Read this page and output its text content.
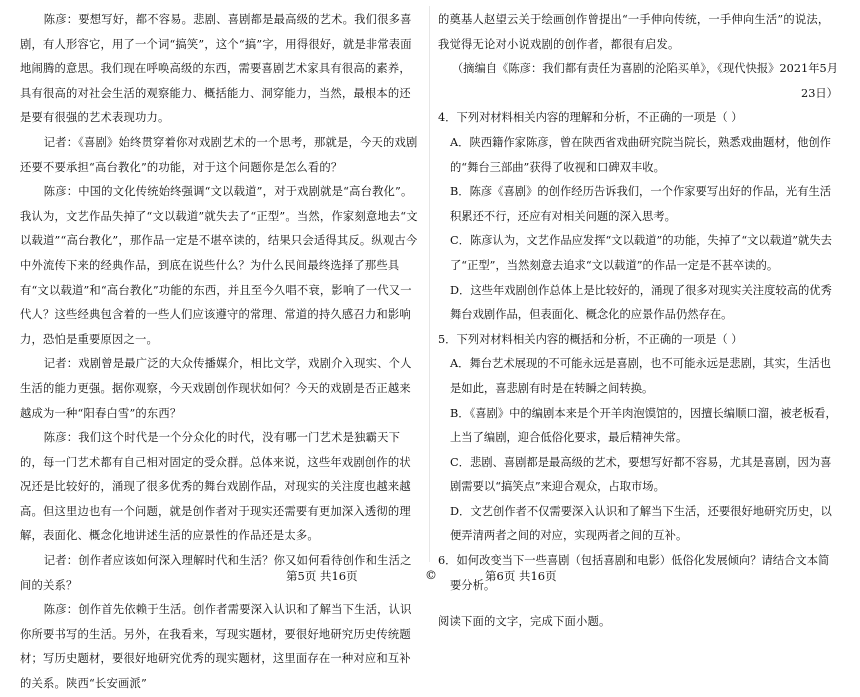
陈彦：要想写好，都不容易。悲剧、喜剧都是最高级的艺术。我们很多喜剧，有人形容它，用了一个词“搞笑”，这个“搞”字，用得很好，就是非常表面地闹腾的意思。我们现在呼唤高级的东西，需要喜剧艺术家具有很高的素养，具有很高的对社会生活的观察能力、概括能力、洞穿能力，当然，最根本的还是要有很强的艺术表现功力。

记者：《喜剧》始终贯穿着你对戏剧艺术的一个思考，那就是，今天的戏剧还要不要承担“高台教化”的功能，对于这个问题你是怎么看的？

陈彦：中国的文化传统始终强调“文以载道”，对于戏剧就是“高台教化”。我认为，文艺作品失掉了“文以载道”就失去了“正型”。当然，作家刻意地去“文以载道”“高台教化”，那作品一定是不堪卒读的，结果只会适得其反。纵观古今中外流传下来的经典作品，到底在说些什么？为什么民间最终选择了那些具有“文以载道”和“高台教化”功能的东西，并且至今久唱不衰，影响了一代又一代人？这些经典包含着的一些人们应该遵守的常理、常道的持久感召力和影响力，恐怕是重要原因之一。

记者：戏剧曾是最广泛的大众传播媒介，相比文学，戏剧介入现实、个人生活的能力更强。据你观察，今天戏剧创作现状如何？今天的戏剧是否正越来越成为一种“阳春白雪”的东西？

陈彦：我们这个时代是一个分众化的时代，没有哪一门艺术是独霸天下的，每一门艺术都有自己相对固定的受众群。总体来说，这些年戏剧创作的状况还是比较好的，涌现了很多优秀的舞台戏剧作品，对现实的关注度也越来越高。但这里边也有一个问题，就是创作者对于现实还需要有更加深入透彻的理解，表面化、概念化地讲述生活的应景性的作品还是太多。

记者：创作者应该如何深入理解时代和生活？你又如何看待创作和生活之间的关系？

陈彦：创作首先依赖于生活。创作者需要深入认识和了解当下生活，认识你所要书写的生活。另外，在我看来，写现实题材，要很好地研究历史传统题材；写历史题材，要很好地研究优秀的现实题材，这里面存在一种对应和互补的关系。陕西“长安画派”

的奠基人赵望云关于绘画创作曾提出“一手伸向传统，一手伸向生活”的说法，我觉得无论对小说戏剧的创作者，都很有启发。

（摘编自《陈彦：我们都有责任为喜剧的沦陷买单》，《现代快报》2021年5月23日）

4．下列对材料相关内容的理解和分析，不正确的一项是（ ）

A．陕西籍作家陈彦，曾在陕西省戏曲研究院当院长，熟悉戏曲题材，他创作的“舞台三部曲”获得了收视和口碑双丰收。

B．陈彦《喜剧》的创作经历告诉我们，一个作家要写出好的作品，光有生活积累还不行，还应有对相关问题的深入思考。

C．陈彦认为，文艺作品应发挥“文以载道”的功能，失掉了“文以载道”就失去了“正型”，当然刻意去追求“文以载道”的作品一定是不甚卒读的。

D．这些年戏剧创作总体上是比较好的，涌现了很多对现实关注度较高的优秀舞台戏剧作品，但表面化、概念化的应景作品仍然存在。

5．下列对材料相关内容的概括和分析，不正确的一项是（ ）

A．舞台艺术展现的不可能永远是喜剧，也不可能永远是悲剧，其实，生活也是如此，喜悲剧有时是在转瞬之间转换。

B．《喜剧》中的编剧本来是个开羊肉泡馍馆的，因擅长编顺口溜，被老板看，上当了编剧，迎合低俗化要求，最后精神失常。

C．悲剧、喜剧都是最高级的艺术，要想写好都不容易，尤其是喜剧，因为喜剧需要以“搞笑点”来迎合观众，占取市场。

D．文艺创作者不仅需要深入认识和了解当下生活，还要很好地研究历史，以便弄清两者之间的对应，实现两者之间的互补。

6．如何改变当下一些喜剧（包括喜剧和电影）低俗化发展倾向？请结合文本简要分析。

阅读下面的文字，完成下面小题。

第5页 共16页	©	第6页 共16页
